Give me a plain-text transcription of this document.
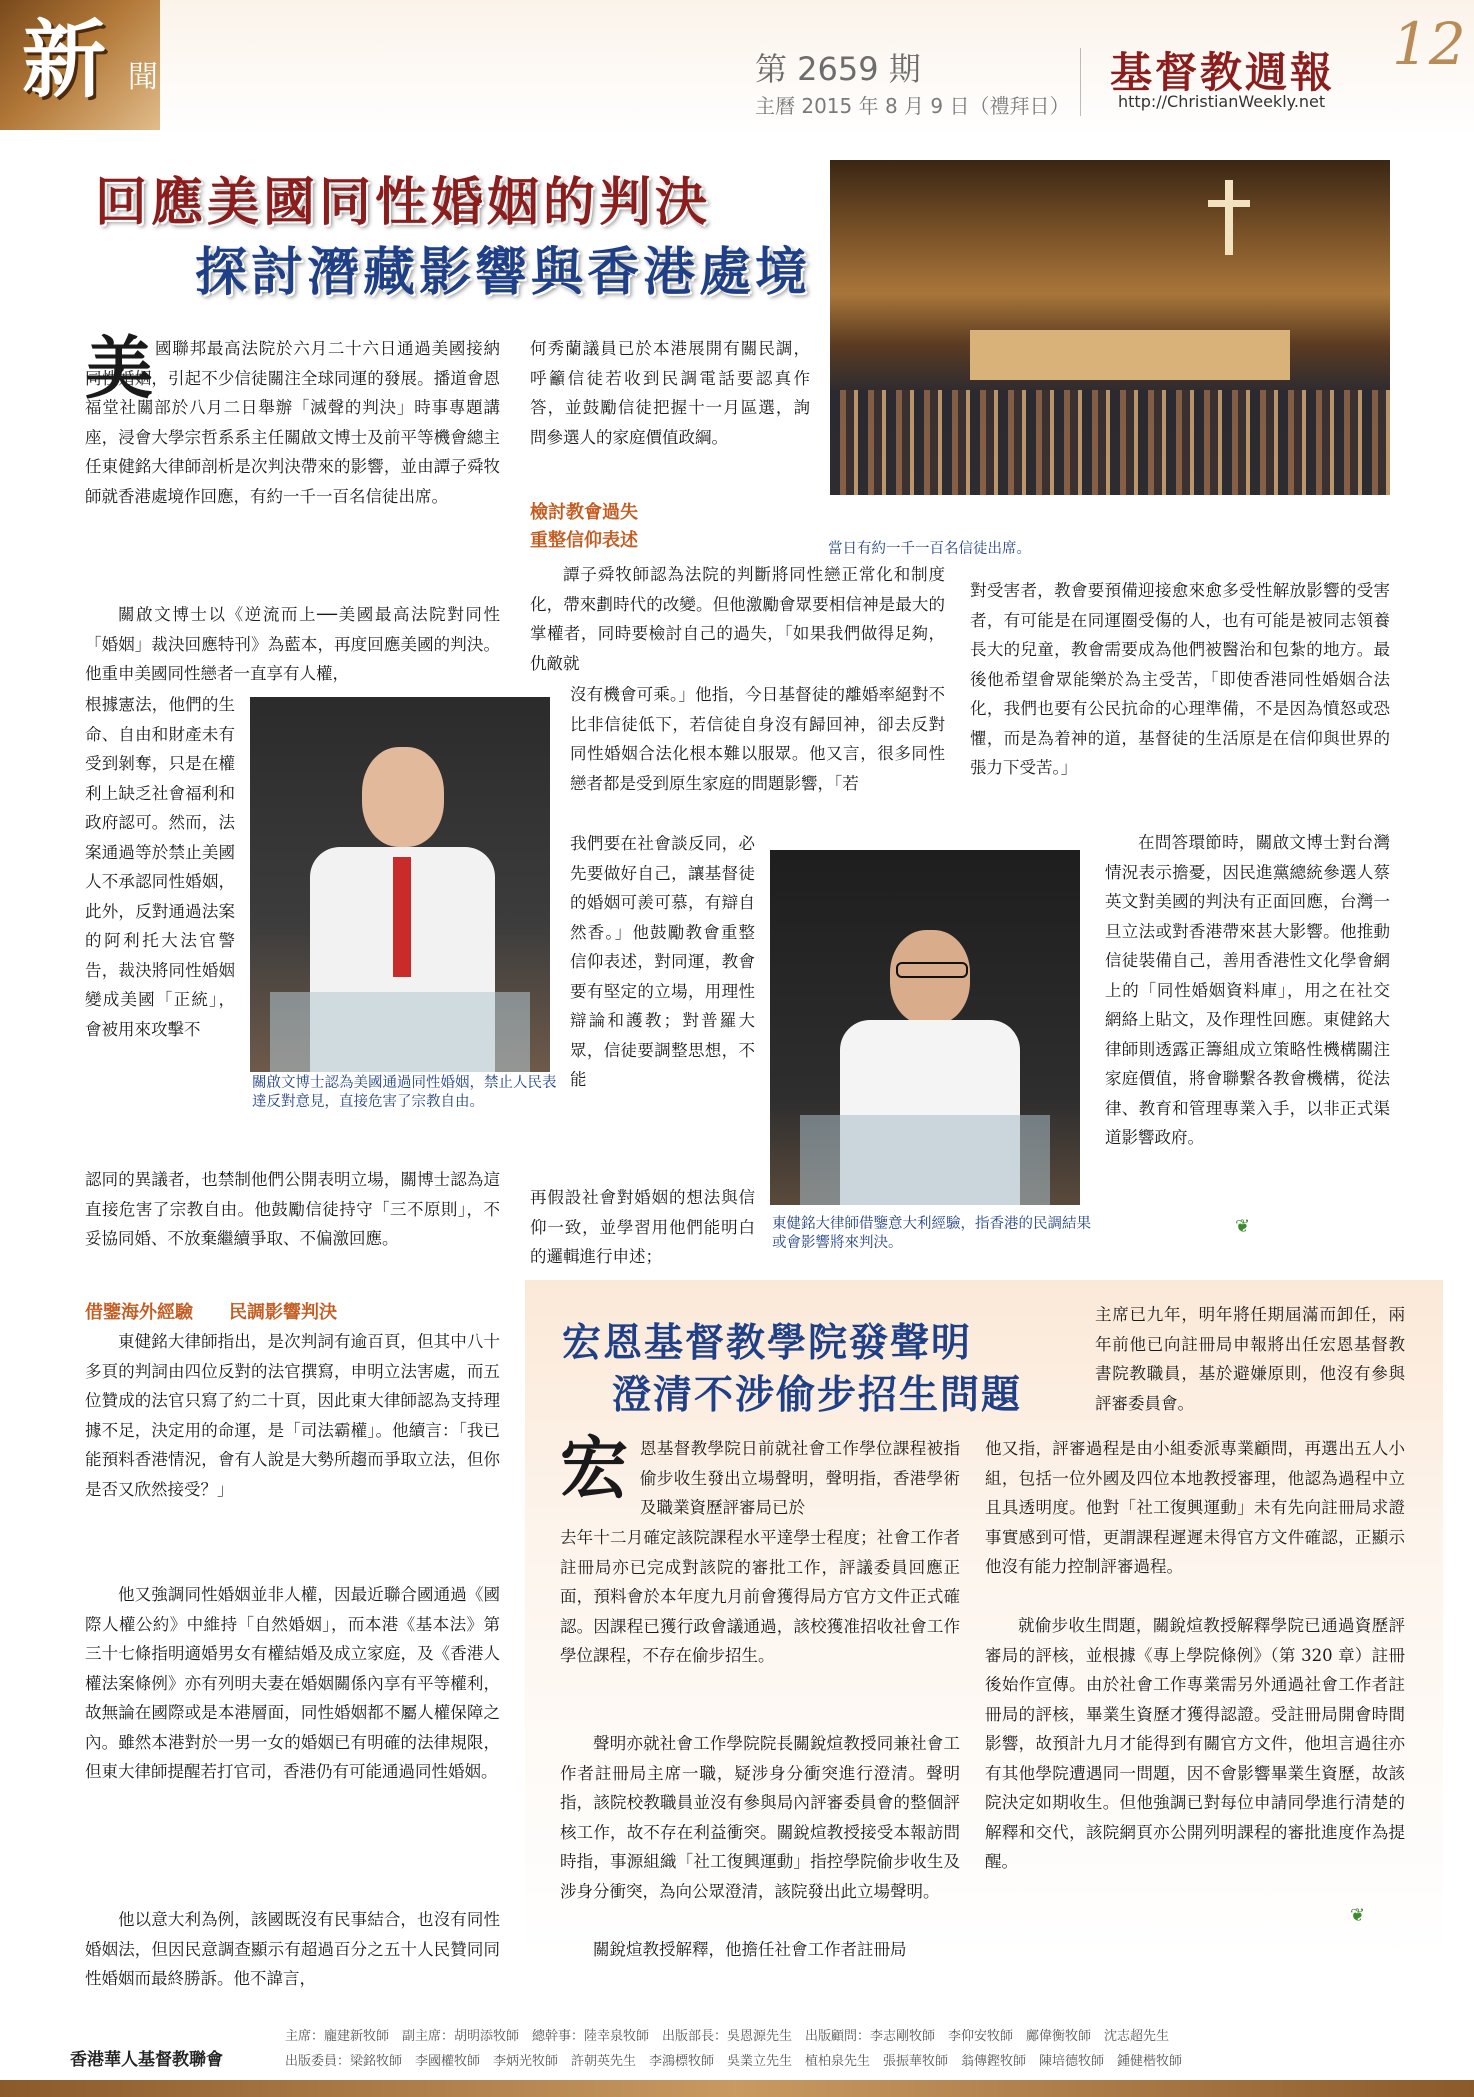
新 聞	第 2659 期
主曆 2015 年 8 月 9 日（禮拜日）
基督教週報
http://ChristianWeekly.net
12
回應美國同性婚姻的判決
探討潛藏影響與香港處境
當日有約一千一百名信徒出席。
美 國聯邦最高法院於六月二十六日通過美國接納同性婚姻，引起不少信徒關注全球同運的發展。播道會恩福堂社關部於八月二日舉辦「滅聲的判決」時事專題講座，浸會大學宗哲系系主任關啟文博士及前平等機會總主任東健銘大律師剖析是次判決帶來的影響，並由譚子舜牧師就香港處境作回應，有約一千一百名信徒出席。
關啟文博士以《逆流而上──美國最高法院對同性「婚姻」裁決回應特刊》為藍本，再度回應美國的判決。他重申美國同性戀者一直享有人權，
根據憲法，他們的生命、自由和財產未有受到剝奪，只是在權利上缺乏社會福利和政府認可。然而，法案通過等於禁止美國人不承認同性婚姻，此外，反對通過法案的阿利托大法官警告，裁決將同性婚姻變成美國「正統」，會被用來攻擊不
關啟文博士認為美國通過同性婚姻，禁止人民表達反對意見，直接危害了宗教自由。
認同的異議者，也禁制他們公開表明立場，關博士認為這直接危害了宗教自由。他鼓勵信徒持守「三不原則」，不妥協同婚、不放棄繼續爭取、不偏激回應。
借鑒海外經驗　　民調影響判決
東健銘大律師指出，是次判詞有逾百頁，但其中八十多頁的判詞由四位反對的法官撰寫，申明立法害處，而五位贊成的法官只寫了約二十頁，因此東大律師認為支持理據不足，決定用的命運，是「司法霸權」。他續言：「我已能預料香港情況，會有人說是大勢所趨而爭取立法，但你是否又欣然接受？」
他又強調同性婚姻並非人權，因最近聯合國通過《國際人權公約》中維持「自然婚姻」，而本港《基本法》第三十七條指明適婚男女有權結婚及成立家庭，及《香港人權法案條例》亦有列明夫妻在婚姻關係內享有平等權利，故無論在國際或是本港層面，同性婚姻都不屬人權保障之內。雖然本港對於一男一女的婚姻已有明確的法律規限，但東大律師提醒若打官司，香港仍有可能通過同性婚姻。
他以意大利為例，該國既沒有民事結合，也沒有同性婚姻法，但因民意調查顯示有超過百分之五十人民贊同同性婚姻而最終勝訴。他不諱言，
何秀蘭議員已於本港展開有關民調，呼籲信徒若收到民調電話要認真作答，並鼓勵信徒把握十一月區選，詢問參選人的家庭價值政綱。
檢討教會過失
重整信仰表述
譚子舜牧師認為法院的判斷將同性戀正常化和制度化，帶來劃時代的改變。但他激勵會眾要相信神是最大的掌權者，同時要檢討自己的過失，「如果我們做得足夠，仇敵就
沒有機會可乘。」他指，今日基督徒的離婚率絕對不比非信徒低下，若信徒自身沒有歸回神，卻去反對同性婚姻合法化根本難以服眾。他又言，很多同性戀者都是受到原生家庭的問題影響，「若
我們要在社會談反同，必先要做好自己，讓基督徒的婚姻可羨可慕，有辯自然香。」他鼓勵教會重整信仰表述，對同運，教會要有堅定的立場，用理性辯論和護教；對普羅大眾，信徒要調整思想，不能
再假設社會對婚姻的想法與信仰一致，並學習用他們能明白的邏輯進行申述；
東健銘大律師借鑒意大利經驗，指香港的民調結果或會影響將來判決。
對受害者，教會要預備迎接愈來愈多受性解放影響的受害者，有可能是在同運圈受傷的人，也有可能是被同志領養長大的兒童，教會需要成為他們被醫治和包紮的地方。最後他希望會眾能樂於為主受苦，「即使香港同性婚姻合法化，我們也要有公民抗命的心理準備，不是因為憤怒或恐懼，而是為着神的道，基督徒的生活原是在信仰與世界的張力下受苦。」
在問答環節時，關啟文博士對台灣情況表示擔憂，因民進黨總統參選人蔡英文對美國的判決有正面回應，台灣一旦立法或對香港帶來甚大影響。他推動信徒裝備自己，善用香港性文化學會網上的「同性婚姻資料庫」，用之在社交網絡上貼文，及作理性回應。東健銘大律師則透露正籌組成立策略性機構關注家庭價值，將會聯繫各教會機構，從法律、教育和管理專業入手，以非正式渠道影響政府。
❦
宏恩基督教學院發聲明
澄清不涉偷步招生問題
主席已九年，明年將任期屆滿而卸任，兩年前他已向註冊局申報將出任宏恩基督教書院教職員，基於避嫌原則，他沒有參與評審委員會。
宏 恩基督教學院日前就社會工作學位課程被指偷步收生發出立場聲明，聲明指，香港學術及職業資歷評審局已於
去年十二月確定該院課程水平達學士程度；社會工作者註冊局亦已完成對該院的審批工作，評議委員回應正面，預料會於本年度九月前會獲得局方官方文件正式確認。因課程已獲行政會議通過，該校獲准招收社會工作學位課程，不存在偷步招生。
聲明亦就社會工作學院院長關銳煊教授同兼社會工作者註冊局主席一職，疑涉身分衝突進行澄清。聲明指，該院校教職員並沒有參與局內評審委員會的整個評核工作，故不存在利益衝突。關銳煊教授接受本報訪問時指，事源組織「社工復興運動」指控學院偷步收生及涉身分衝突，為向公眾澄清，該院發出此立場聲明。
關銳煊教授解釋，他擔任社會工作者註冊局
他又指，評審過程是由小組委派專業顧問，再選出五人小組，包括一位外國及四位本地教授審理，他認為過程中立且具透明度。他對「社工復興運動」未有先向註冊局求證事實感到可惜，更謂課程遲遲未得官方文件確認，正顯示他沒有能力控制評審過程。
就偷步收生問題，關銳煊教授解釋學院已通過資歷評審局的評核，並根據《專上學院條例》（第 320 章）註冊後始作宣傳。由於社會工作專業需另外通過社會工作者註冊局的評核，畢業生資歷才獲得認證。受註冊局開會時間影響，故預計九月才能得到有關官方文件，他坦言過往亦有其他學院遭遇同一問題，因不會影響畢業生資歷，故該院決定如期收生。但他強調已對每位申請同學進行清楚的解釋和交代，該院網頁亦公開列明課程的審批進度作為提醒。
❦
香港華人基督教聯會
主席：龐建新牧師　副主席：胡明添牧師　總幹事：陸幸泉牧師　出版部長：吳恩源先生　出版顧問：李志剛牧師　李仰安牧師　鄺偉衡牧師　沈志超先生
出版委員：梁銘牧師　李國權牧師　李炳光牧師　許朝英先生　李鴻標牧師　吳業立先生　植柏泉先生　張振華牧師　翁傳鏗牧師　陳培德牧師　鍾健楷牧師
